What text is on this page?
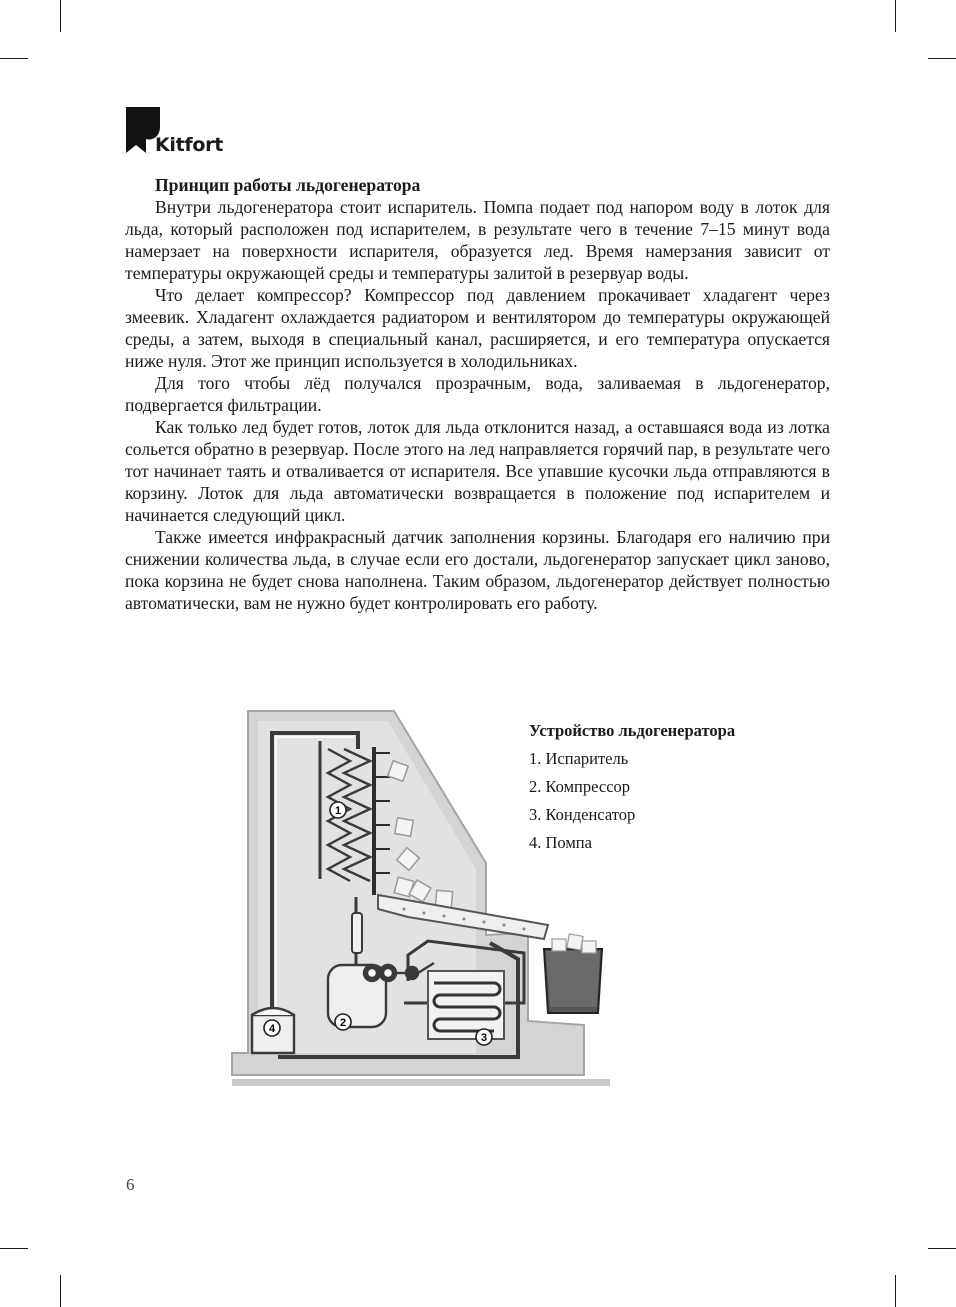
Kitfort
Принцип работы льдогенератора

Внутри льдогенератора стоит испаритель. Помпа подает под напором воду в лоток для льда, который расположен под испарителем, в результате чего в течение 7–15 минут вода намерзает на поверхности испарителя, образуется лед. Время намерзания зависит от температуры окружающей среды и температуры залитой в резервуар воды.

Что делает компрессор? Компрессор под давлением прокачивает хладагент через змеевик. Хладагент охлаждается радиатором и вентилятором до температуры окружающей среды, а затем, выходя в специальный канал, расширяется, и его температура опускается ниже нуля. Этот же принцип используется в холодильниках.

Для того чтобы лёд получался прозрачным, вода, заливаемая в льдогенератор, подвергается фильтрации.

Как только лед будет готов, лоток для льда отклонится назад, а оставшаяся вода из лотка сольется обратно в резервуар. После этого на лед направляется горячий пар, в результате чего тот начинает таять и отваливается от испарителя. Все упавшие кусочки льда отправляются в корзину. Лоток для льда автоматически возвращается в положение под испарителем и начинается следующий цикл.

Также имеется инфракрасный датчик заполнения корзины. Благодаря его наличию при снижении количества льда, в случае если его достали, льдогенератор запускает цикл заново, пока корзина не будет снова наполнена. Таким образом, льдогенератор действует полностью автоматически, вам не нужно будет контролировать его работу.

1
2
3
4
Устройство льдогенератора
1. Испаритель
2. Компрессор
3. Конденсатор
4. Помпа
6
